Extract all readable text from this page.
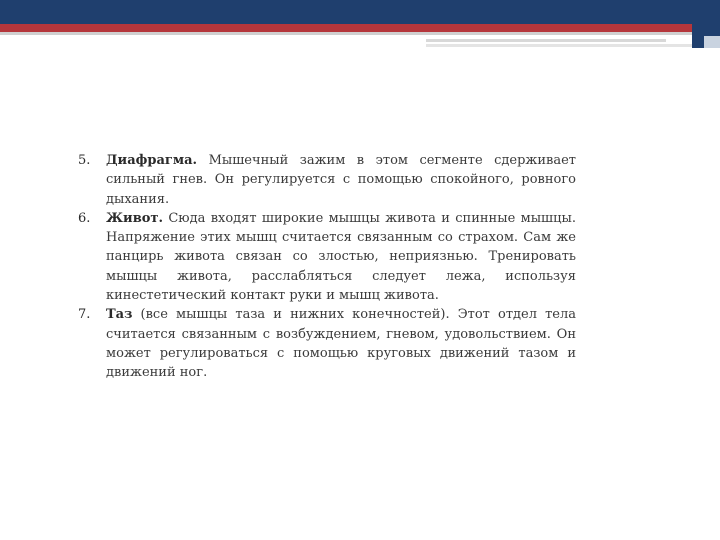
5.	Диафрагма. Мышечный зажим в этом сегменте сдерживает сильный гнев. Он регулируется с помощью спокойного, ровного дыхания.
6.	Живот. Сюда входят широкие мышцы живота и спинные мышцы. Напряжение этих мышц считается связанным со страхом. Сам же панцирь живота связан со злостью, неприязнью. Тренировать мышцы живота, расслабляться следует лежа, используя кинестетический контакт руки и мышц живота.
7.	Таз (все мышцы таза и нижних конечностей). Этот отдел тела считается связанным с возбуждением, гневом, удовольствием. Он может регулироваться с помощью круговых движений тазом и движений ног.
